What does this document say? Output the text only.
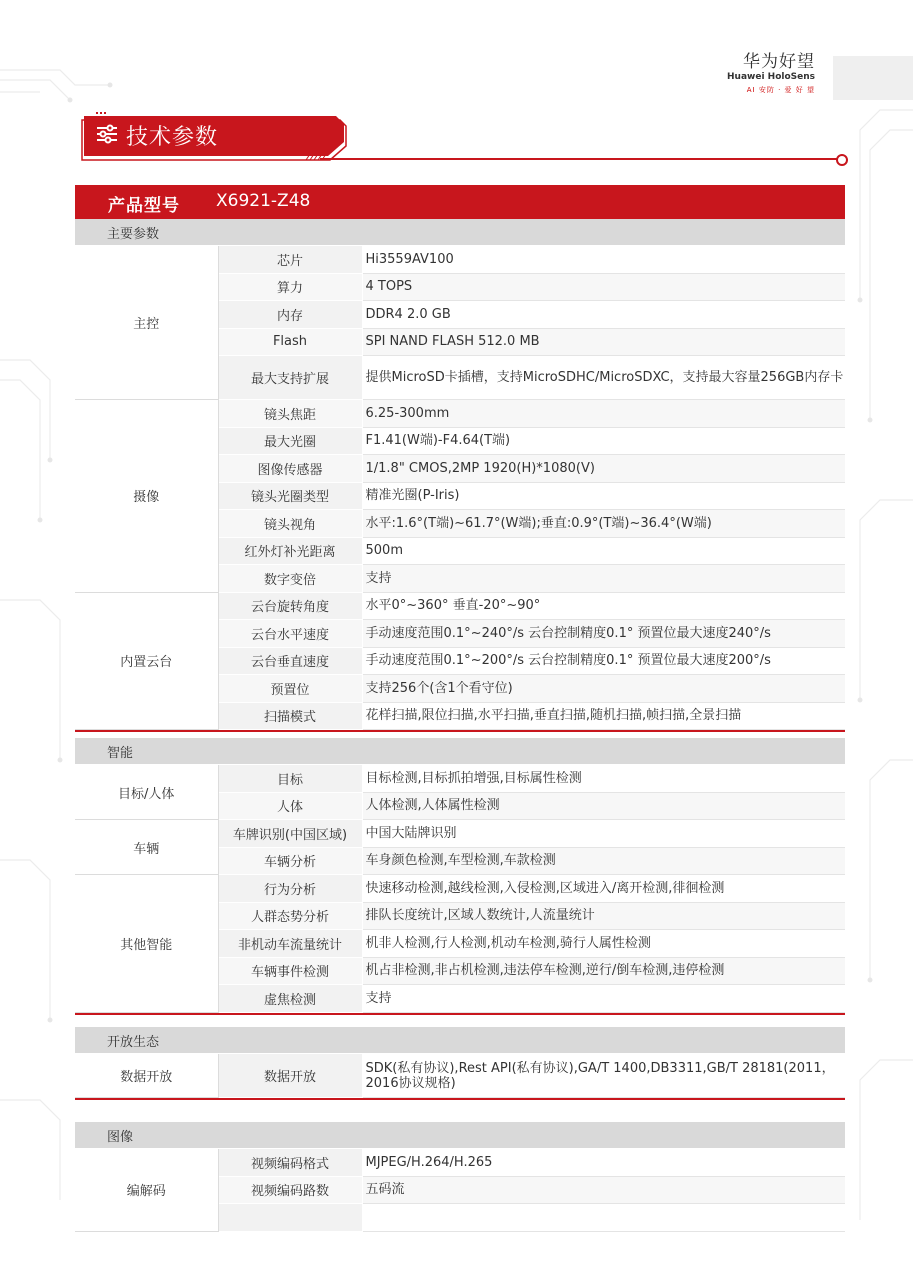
华为好望
Huawei HoloSens
AI 安防 · 爱 好 望
技术参数
产品型号 X6921-Z48
主要参数		
主控	芯片	Hi3559AV100
	算力	4 TOPS
	内存	DDR4 2.0 GB
	Flash	SPI NAND FLASH 512.0 MB
	最大支持扩展	提供MicroSD卡插槽，支持MicroSDHC/MicroSDXC，支持最大容量256GB内存卡
摄像	镜头焦距	6.25-300mm
	最大光圈	F1.41(W端)-F4.64(T端)
	图像传感器	1/1.8" CMOS,2MP 1920(H)*1080(V)
	镜头光圈类型	精准光圈(P-Iris)
	镜头视角	水平:1.6°(T端)~61.7°(W端);垂直:0.9°(T端)~36.4°(W端)
	红外灯补光距离	500m
	数字变倍	支持
内置云台	云台旋转角度	水平0°~360° 垂直-20°~90°
	云台水平速度	手动速度范围0.1°~240°/s 云台控制精度0.1° 预置位最大速度240°/s
	云台垂直速度	手动速度范围0.1°~200°/s 云台控制精度0.1° 预置位最大速度200°/s
	预置位	支持256个(含1个看守位)
	扫描模式	花样扫描,限位扫描,水平扫描,垂直扫描,随机扫描,帧扫描,全景扫描
智能		
目标/人体	目标	目标检测,目标抓拍增强,目标属性检测
	人体	人体检测,人体属性检测
车辆	车牌识别(中国区域)	中国大陆牌识别
	车辆分析	车身颜色检测,车型检测,车款检测
其他智能	行为分析	快速移动检测,越线检测,入侵检测,区域进入/离开检测,徘徊检测
	人群态势分析	排队长度统计,区域人数统计,人流量统计
	非机动车流量统计	机非人检测,行人检测,机动车检测,骑行人属性检测
	车辆事件检测	机占非检测,非占机检测,违法停车检测,逆行/倒车检测,违停检测
	虚焦检测	支持
开放生态
数据开放	数据开放	SDK(私有协议),Rest API(私有协议),GA/T 1400,DB3311,GB/T 28181(2011，2016协议规格)
图像		
编解码	视频编码格式	MJPEG/H.264/H.265
	视频编码路数	五码流
